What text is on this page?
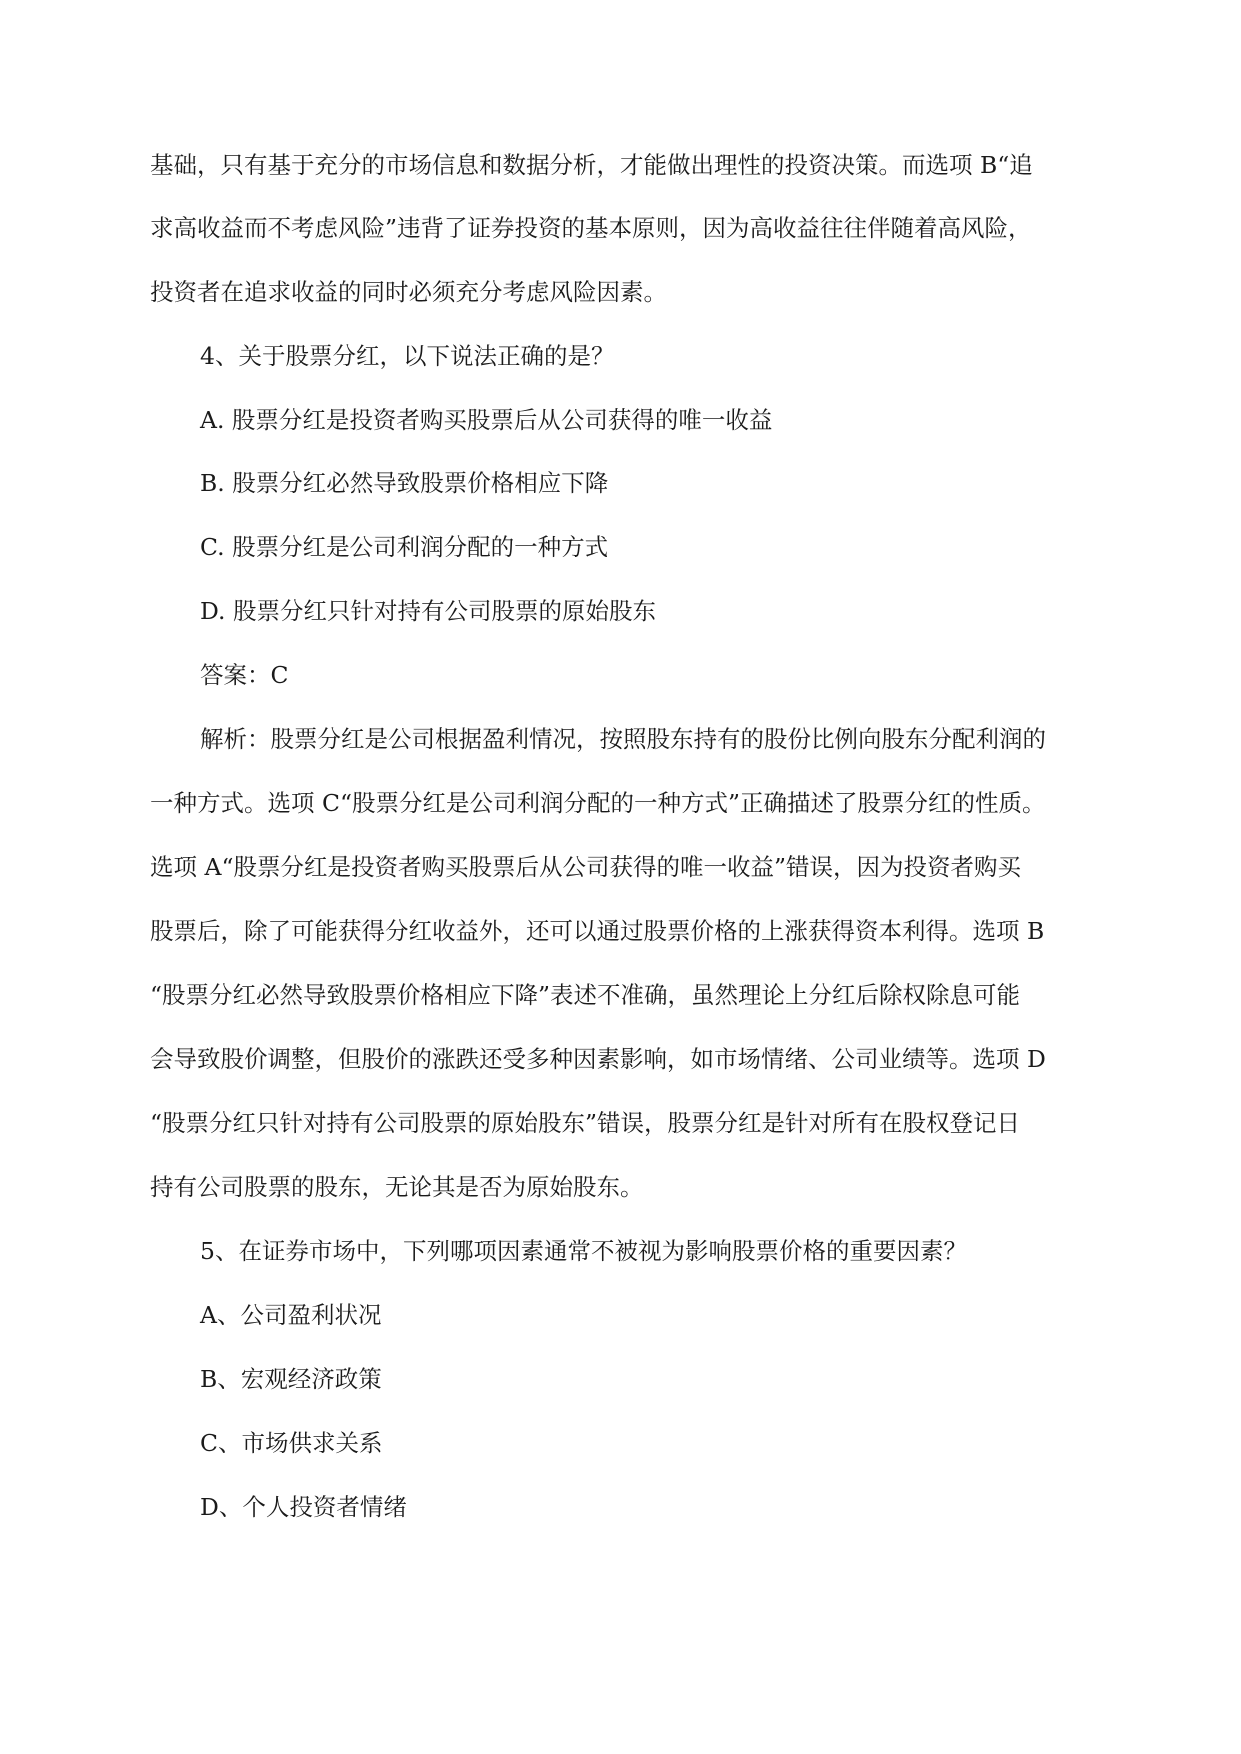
基础，只有基于充分的市场信息和数据分析，才能做出理性的投资决策。而选项 B“追
求高收益而不考虑风险”违背了证券投资的基本原则，因为高收益往往伴随着高风险，
投资者在追求收益的同时必须充分考虑风险因素。
4、关于股票分红，以下说法正确的是？
A. 股票分红是投资者购买股票后从公司获得的唯一收益
B. 股票分红必然导致股票价格相应下降
C. 股票分红是公司利润分配的一种方式
D. 股票分红只针对持有公司股票的原始股东
答案：C
解析：股票分红是公司根据盈利情况，按照股东持有的股份比例向股东分配利润的
一种方式。选项 C“股票分红是公司利润分配的一种方式”正确描述了股票分红的性质。
选项 A“股票分红是投资者购买股票后从公司获得的唯一收益”错误，因为投资者购买
股票后，除了可能获得分红收益外，还可以通过股票价格的上涨获得资本利得。选项 B
“股票分红必然导致股票价格相应下降”表述不准确，虽然理论上分红后除权除息可能
会导致股价调整，但股价的涨跌还受多种因素影响，如市场情绪、公司业绩等。选项 D
“股票分红只针对持有公司股票的原始股东”错误，股票分红是针对所有在股权登记日
持有公司股票的股东，无论其是否为原始股东。
5、在证券市场中，下列哪项因素通常不被视为影响股票价格的重要因素？
A、公司盈利状况
B、宏观经济政策
C、市场供求关系
D、个人投资者情绪
